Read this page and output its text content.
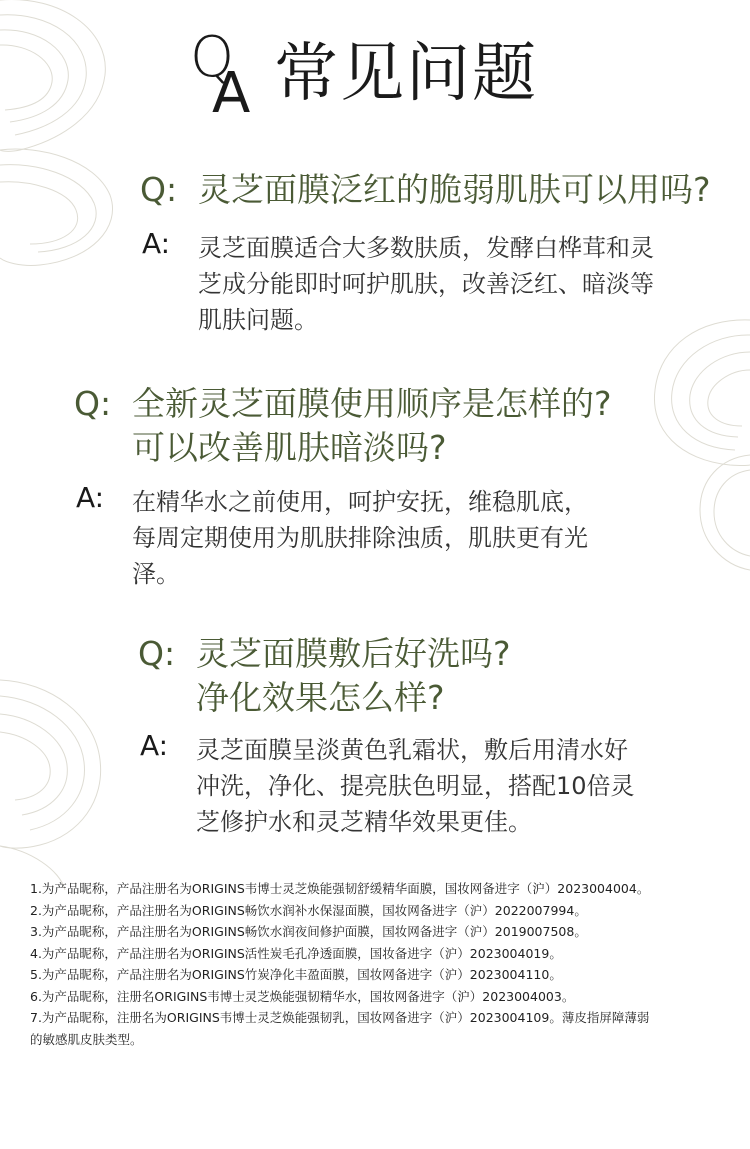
Q
A 常见问题
Q: 灵芝面膜泛红的脆弱肌肤可以用吗?
A: 灵芝面膜适合大多数肤质，发酵白桦茸和灵
芝成分能即时呵护肌肤，改善泛红、暗淡等
肌肤问题。
Q: 全新灵芝面膜使用顺序是怎样的?
可以改善肌肤暗淡吗?
A: 在精华水之前使用，呵护安抚，维稳肌底，
每周定期使用为肌肤排除浊质，肌肤更有光
泽。
Q: 灵芝面膜敷后好洗吗?
净化效果怎么样?
A: 灵芝面膜呈淡黄色乳霜状，敷后用清水好
冲洗，净化、提亮肤色明显，搭配10倍灵
芝修护水和灵芝精华效果更佳。
1.为产品昵称，产品注册名为ORIGINS韦博士灵芝焕能强韧舒缓精华面膜，国妆网备进字（沪）2023004004。
2.为产品昵称，产品注册名为ORIGINS畅饮水润补水保湿面膜，国妆网备进字（沪）2022007994。
3.为产品昵称，产品注册名为ORIGINS畅饮水润夜间修护面膜，国妆网备进字（沪）2019007508。
4.为产品昵称，产品注册名为ORIGINS活性炭毛孔净透面膜，国妆备进字（沪）2023004019。
5.为产品昵称，产品注册名为ORIGINS竹炭净化丰盈面膜，国妆网备进字（沪）2023004110。
6.为产品昵称，注册名ORIGINS韦博士灵芝焕能强韧精华水，国妆网备进字（沪）2023004003。
7.为产品昵称，注册名为ORIGINS韦博士灵芝焕能强韧乳，国妆网备进字（沪）2023004109。薄皮指屏障薄弱
的敏感肌皮肤类型。
